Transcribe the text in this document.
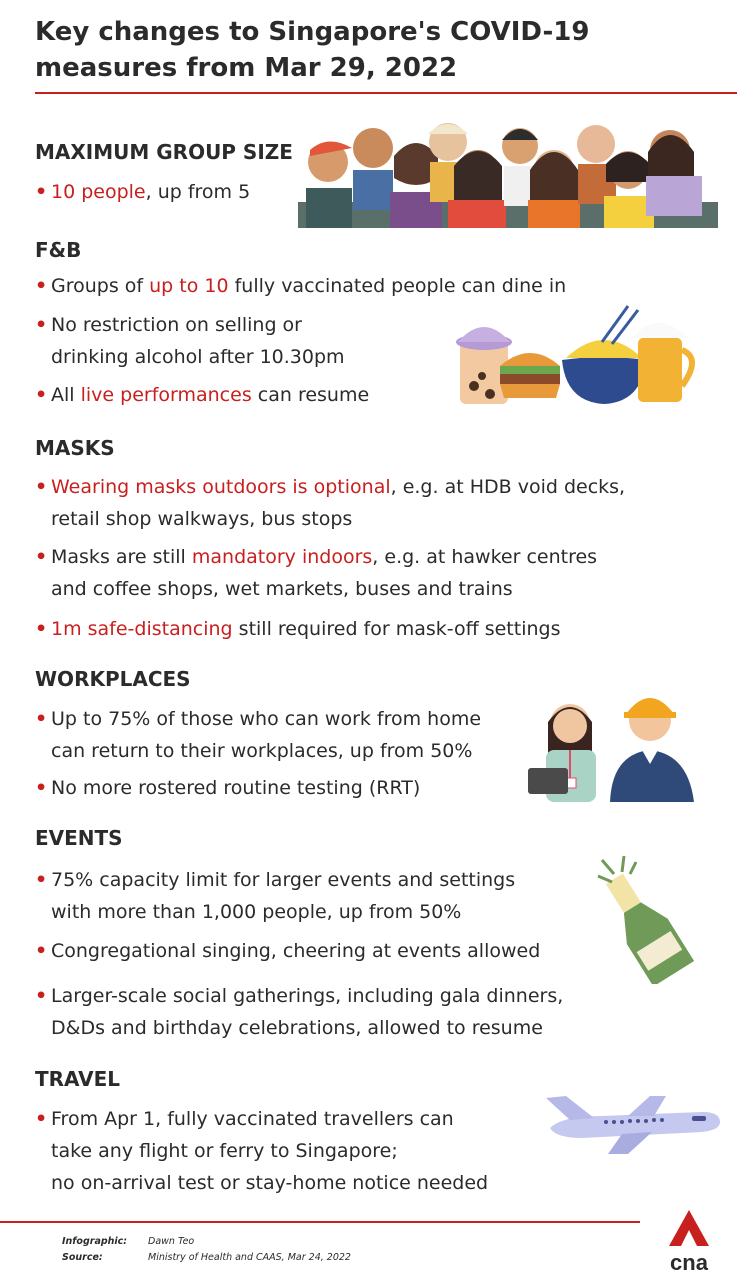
Key changes to Singapore's COVID-19 measures from Mar 29, 2022
MAXIMUM GROUP SIZE
• 10 people, up from 5
F&B
• Groups of up to 10 fully vaccinated people can dine in
• No restriction on selling or
drinking alcohol after 10.30pm
• All live performances can resume
MASKS
• Wearing masks outdoors is optional, e.g. at HDB void decks,
retail shop walkways, bus stops
• Masks are still mandatory indoors, e.g. at hawker centres
and coffee shops, wet markets, buses and trains
• 1m safe-distancing still required for mask-off settings
WORKPLACES
• Up to 75% of those who can work from home
can return to their workplaces, up from 50%
• No more rostered routine testing (RRT)
EVENTS
• 75% capacity limit for larger events and settings
with more than 1,000 people, up from 50%
• Congregational singing, cheering at events allowed
• Larger-scale social gatherings, including gala dinners,
D&Ds and birthday celebrations, allowed to resume
TRAVEL
• From Apr 1, fully vaccinated travellers can
take any flight or ferry to Singapore;
no on-arrival test or stay-home notice needed
Infographic: Dawn Teo
Source:	Ministry of Health and CAAS, Mar 24, 2022	cna
